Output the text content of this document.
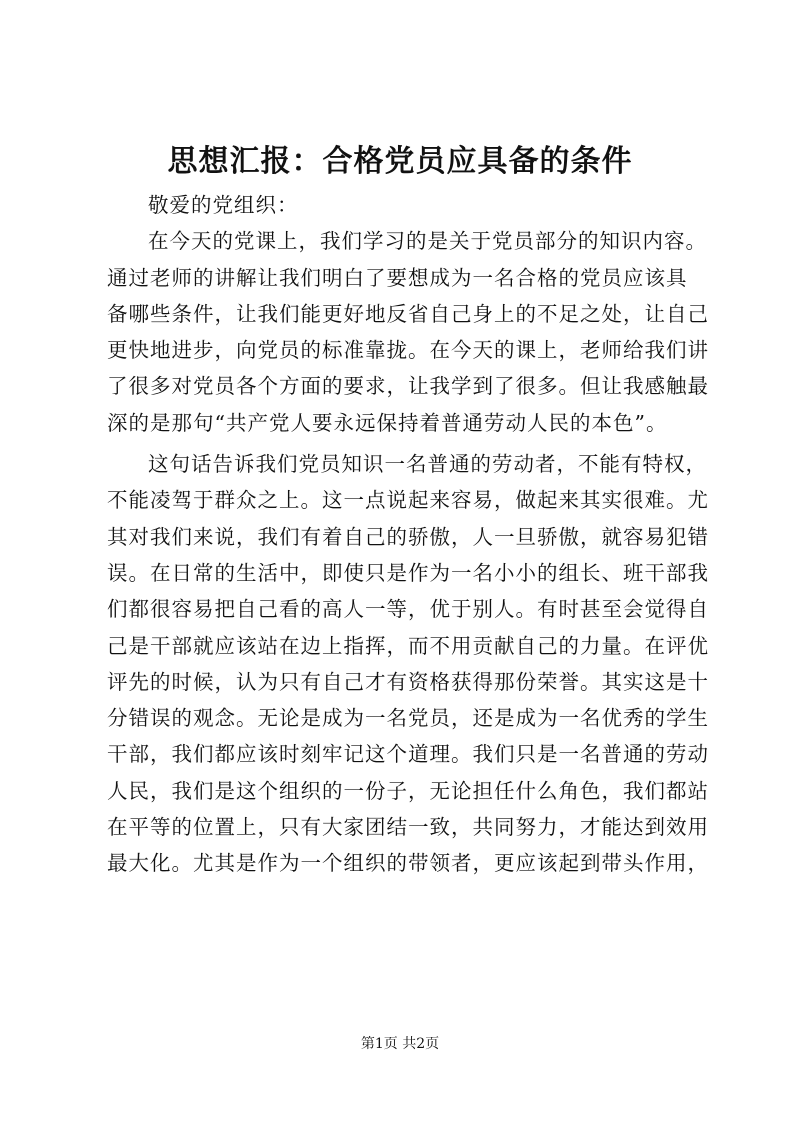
思想汇报：合格党员应具备的条件
敬爱的党组织：
在今天的党课上，我们学习的是关于党员部分的知识内容。
通过老师的讲解让我们明白了要想成为一名合格的党员应该具
备哪些条件，让我们能更好地反省自己身上的不足之处，让自己
更快地进步，向党员的标准靠拢。在今天的课上，老师给我们讲
了很多对党员各个方面的要求，让我学到了很多。但让我感触最
深的是那句“共产党人要永远保持着普通劳动人民的本色”。
这句话告诉我们党员知识一名普通的劳动者，不能有特权，
不能凌驾于群众之上。这一点说起来容易，做起来其实很难。尤
其对我们来说，我们有着自己的骄傲，人一旦骄傲，就容易犯错
误。在日常的生活中，即使只是作为一名小小的组长、班干部我
们都很容易把自己看的高人一等，优于别人。有时甚至会觉得自
己是干部就应该站在边上指挥，而不用贡献自己的力量。在评优
评先的时候，认为只有自己才有资格获得那份荣誉。其实这是十
分错误的观念。无论是成为一名党员，还是成为一名优秀的学生
干部，我们都应该时刻牢记这个道理。我们只是一名普通的劳动
人民，我们是这个组织的一份子，无论担任什么角色，我们都站
在平等的位置上，只有大家团结一致，共同努力，才能达到效用
最大化。尤其是作为一个组织的带领者，更应该起到带头作用，
第1页 共2页
